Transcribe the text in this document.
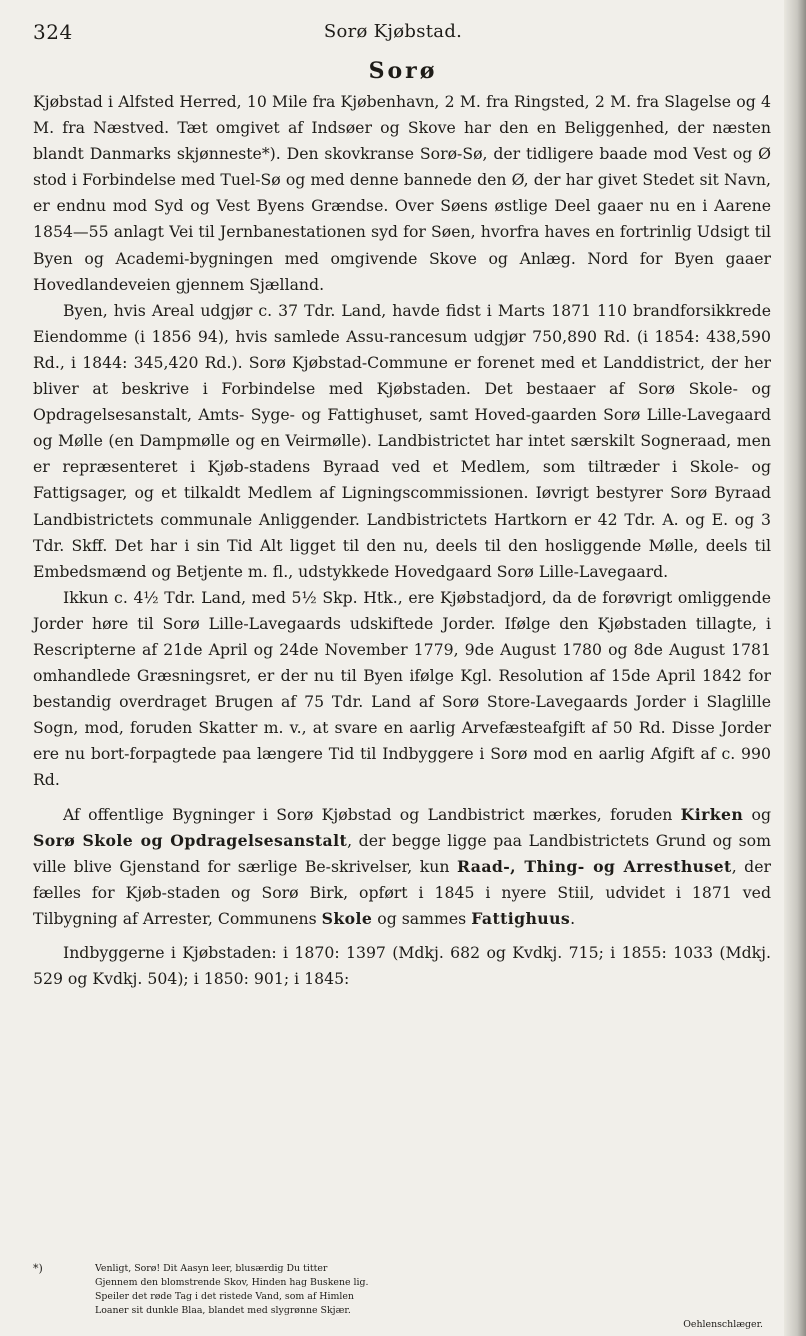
324	Sorø Kjøbstad.
Sorø

Kjøbstad i Alfsted Herred, 10 Mile fra Kjøbenhavn, 2 M. fra Ringsted, 2 M. fra Slagelse og 4 M. fra Næstved. Tæt omgivet af Indsøer og Skove har den en Beliggenhed, der næsten blandt Danmarks skjønneste*). Den skovkranse Sorø-Sø, der tidligere baade mod Vest og Ø stod i Forbindelse med Tuel-Sø og med denne bannede den Ø, der har givet Stedet sit Navn, er endnu mod Syd og Vest Byens Grændse. Over Søens østlige Deel gaaer nu en i Aarene 1854—55 anlagt Vei til Jernbanestationen syd for Søen, hvorfra haves en fortrinlig Udsigt til Byen og Academi-bygningen med omgivende Skove og Anlæg. Nord for Byen gaaer Hovedlandeveien gjennem Sjælland.

Byen, hvis Areal udgjør c. 37 Tdr. Land, havde fidst i Marts 1871 110 brandforsikkrede Eiendomme (i 1856 94), hvis samlede Assu-rancesum udgjør 750,890 Rd. (i 1854: 438,590 Rd., i 1844: 345,420 Rd.). Sorø Kjøbstad-Commune er forenet med et Landdistrict, der her bliver at beskrive i Forbindelse med Kjøbstaden. Det bestaaer af Sorø Skole- og Opdragelsesanstalt, Amts- Syge- og Fattighuset, samt Hoved-gaarden Sorø Lille-Lavegaard og Mølle (en Dampmølle og en Veirmølle). Landbistrictet har intet særskilt Sogneraad, men er repræsenteret i Kjøb-stadens Byraad ved et Medlem, som tiltræder i Skole- og Fattigsager, og et tilkaldt Medlem af Ligningscommissionen. Iøvrigt bestyrer Sorø Byraad Landbistrictets communale Anliggender. Landbistrictets Hartkorn er 42 Tdr. A. og E. og 3 Tdr. Skff. Det har i sin Tid Alt ligget til den nu, deels til den hosliggende Mølle, deels til Embedsmænd og Betjente m. fl., udstykkede Hovedgaard Sorø Lille-Lavegaard.

Ikkun c. 4½ Tdr. Land, med 5½ Skp. Htk., ere Kjøbstadjord, da de forøvrigt omliggende Jorder høre til Sorø Lille-Lavegaards udskiftede Jorder. Ifølge den Kjøbstaden tillagte, i Rescripterne af 21de April og 24de November 1779, 9de August 1780 og 8de August 1781 omhandlede Græsningsret, er der nu til Byen ifølge Kgl. Resolution af 15de April 1842 for bestandig overdraget Brugen af 75 Tdr. Land af Sorø Store-Lavegaards Jorder i Slaglille Sogn, mod, foruden Skatter m. v., at svare en aarlig Arvefæsteafgift af 50 Rd. Disse Jorder ere nu bort-forpagtede paa længere Tid til Indbyggere i Sorø mod en aarlig Afgift af c. 990 Rd.

Af offentlige Bygninger i Sorø Kjøbstad og Landbistrict mærkes, foruden Kirken og Sorø Skole og Opdragelsesanstalt, der begge ligge paa Landbistrictets Grund og som ville blive Gjenstand for særlige Be-skrivelser, kun Raad-, Thing- og Arresthuset, der fælles for Kjøb-staden og Sorø Birk, opført i 1845 i nyere Stiil, udvidet i 1871 ved Tilbygning af Arrester, Communens Skole og sammes Fattighuus.

Indbyggerne i Kjøbstaden: i 1870: 1397 (Mdkj. 682 og Kvdkj. 715; i 1855: 1033 (Mdkj. 529 og Kvdkj. 504); i 1850: 901; i 1845:

*)	Venligt, Sorø! Dit Aasyn leer, blusærdig Du titter
Gjennem den blomstrende Skov, Hinden hag Buskene lig.
Speiler det røde Tag i det ristede Vand, som af Himlen
Loaner sit dunkle Blaa, blandet med slygrønne Skjær.
Oehlenschlæger.
